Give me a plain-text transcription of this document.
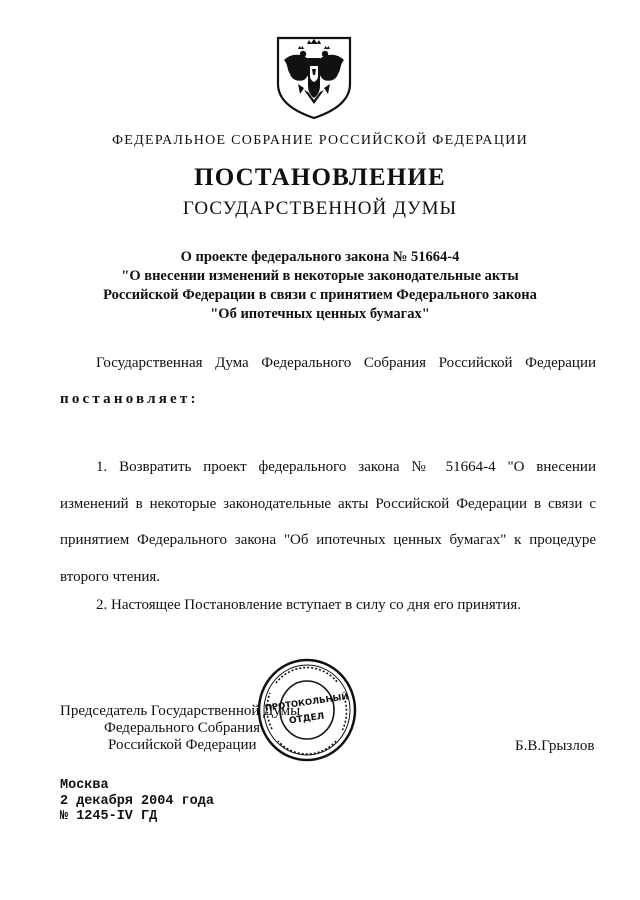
ФЕДЕРАЛЬНОЕ СОБРАНИЕ РОССИЙСКОЙ ФЕДЕРАЦИИ
ПОСТАНОВЛЕНИЕ
ГОСУДАРСТВЕННОЙ ДУМЫ
О проекте федерального закона № 51664-4
"О внесении изменений в некоторые законодательные акты
Российской Федерации в связи с принятием Федерального закона
"Об ипотечных ценных бумагах"
Государственная Дума Федерального Собрания Российской Федерации
постановляет:
1. Возвратить проект федерального закона № 51664-4 "О внесении
изменений в некоторые законодательные акты Российской Федерации в связи с
принятием Федерального закона "Об ипотечных ценных бумагах" к процедуре
второго чтения.
2. Настоящее Постановление вступает в силу со дня его принятия.
Председатель Государственной Думы
Федерального Собрания
Российской Федерации	Б.В.Грызлов
ПРОТОКОЛЬНЫЙ
ОТДЕЛ
Москва
2 декабря 2004 года
№ 1245-IV ГД
